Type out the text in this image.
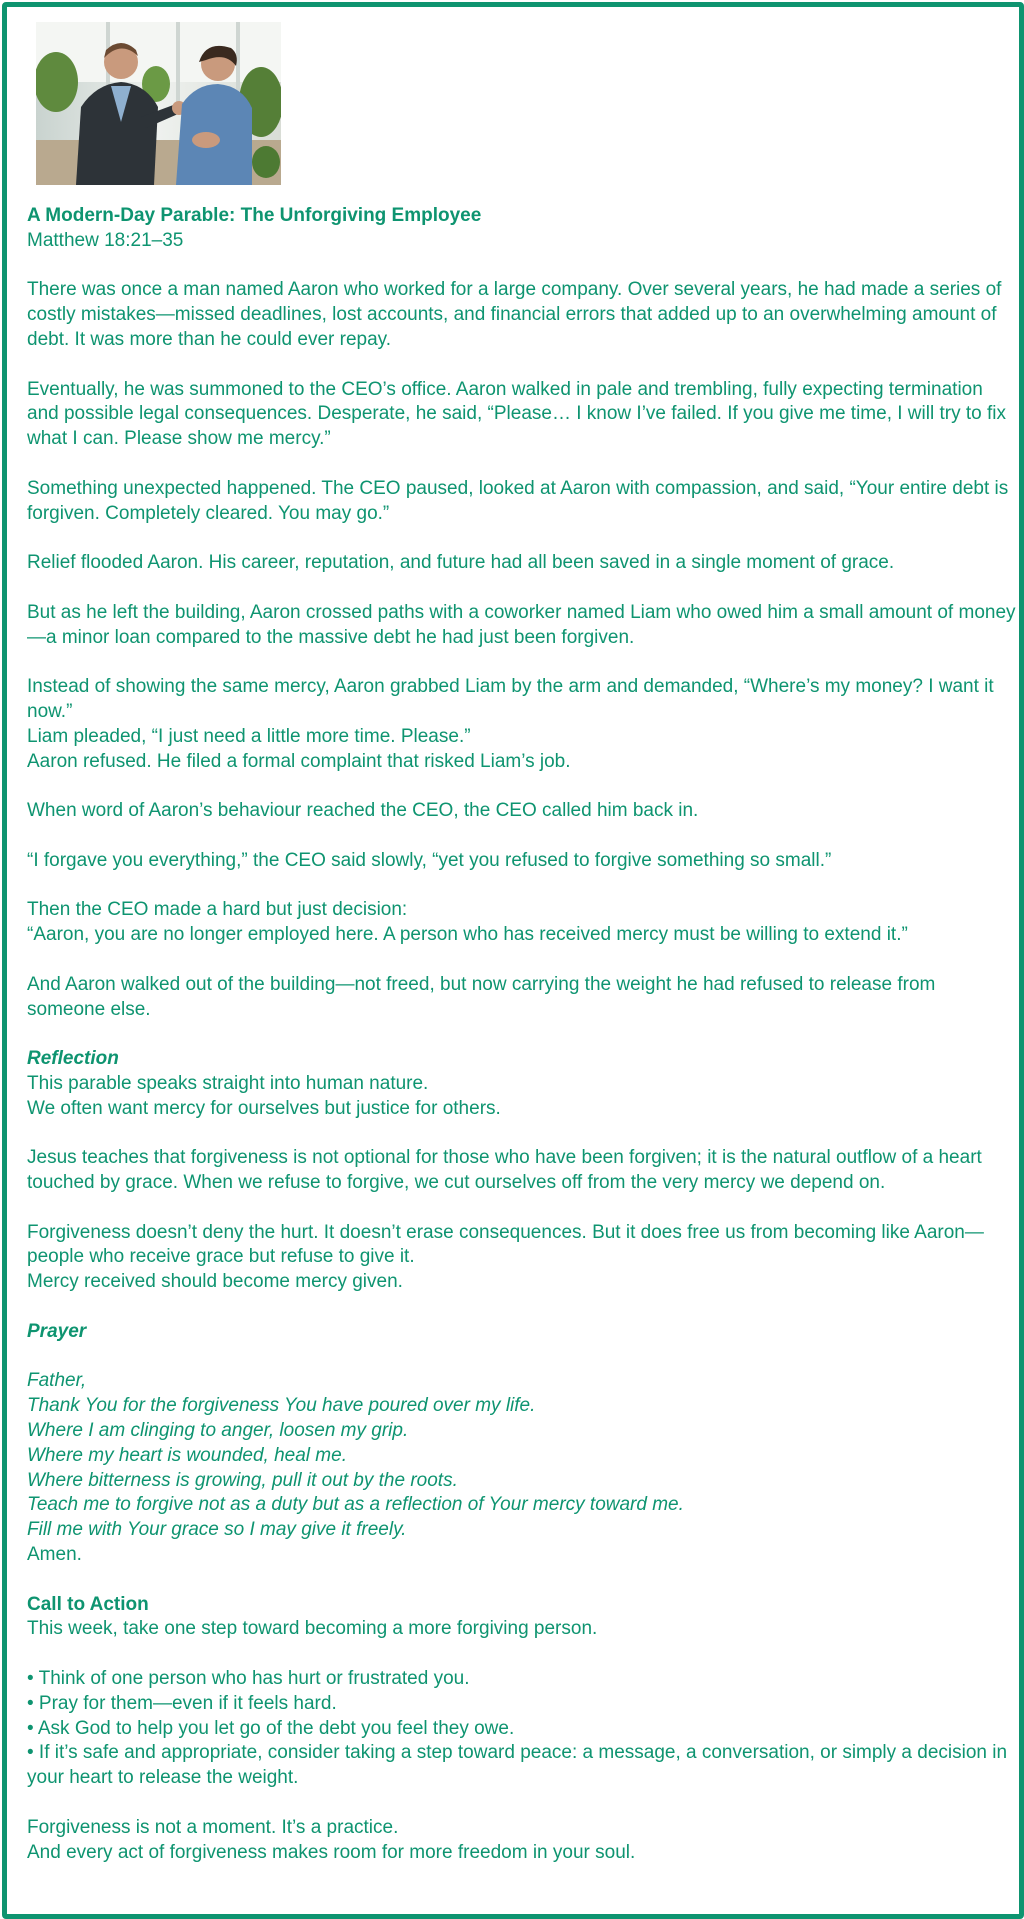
A Modern-Day Parable: The Unforgiving Employee

Matthew 18:21–35

There was once a man named Aaron who worked for a large company. Over several years, he had made a series of costly mistakes—missed deadlines, lost accounts, and financial errors that added up to an overwhelming amount of debt. It was more than he could ever repay.

Eventually, he was summoned to the CEO’s office. Aaron walked in pale and trembling, fully expecting termination and possible legal consequences. Desperate, he said, “Please… I know I’ve failed. If you give me time, I will try to fix what I can. Please show me mercy.”

Something unexpected happened. The CEO paused, looked at Aaron with compassion, and said, “Your entire debt is forgiven. Completely cleared. You may go.”

Relief flooded Aaron. His career, reputation, and future had all been saved in a single moment of grace.

But as he left the building, Aaron crossed paths with a coworker named Liam who owed him a small amount of money—a minor loan compared to the massive debt he had just been forgiven.

Instead of showing the same mercy, Aaron grabbed Liam by the arm and demanded, “Where’s my money? I want it now.”
Liam pleaded, “I just need a little more time. Please.”
Aaron refused. He filed a formal complaint that risked Liam’s job.

When word of Aaron’s behaviour reached the CEO, the CEO called him back in.

“I forgave you everything,” the CEO said slowly, “yet you refused to forgive something so small.”

Then the CEO made a hard but just decision:
“Aaron, you are no longer employed here. A person who has received mercy must be willing to extend it.”

And Aaron walked out of the building—not freed, but now carrying the weight he had refused to release from someone else.

Reflection

This parable speaks straight into human nature.
We often want mercy for ourselves but justice for others.

Jesus teaches that forgiveness is not optional for those who have been forgiven; it is the natural outflow of a heart touched by grace. When we refuse to forgive, we cut ourselves off from the very mercy we depend on.

Forgiveness doesn’t deny the hurt. It doesn’t erase consequences. But it does free us from becoming like Aaron—people who receive grace but refuse to give it.
Mercy received should become mercy given.

Prayer

Father,
Thank You for the forgiveness You have poured over my life.
Where I am clinging to anger, loosen my grip.
Where my heart is wounded, heal me.
Where bitterness is growing, pull it out by the roots.
Teach me to forgive not as a duty but as a reflection of Your mercy toward me.
Fill me with Your grace so I may give it freely.

Amen.

Call to Action

This week, take one step toward becoming a more forgiving person.

• Think of one person who has hurt or frustrated you.
• Pray for them—even if it feels hard.
• Ask God to help you let go of the debt you feel they owe.
• If it’s safe and appropriate, consider taking a step toward peace: a message, a conversation, or simply a decision in your heart to release the weight.

Forgiveness is not a moment. It’s a practice.
And every act of forgiveness makes room for more freedom in your soul.
